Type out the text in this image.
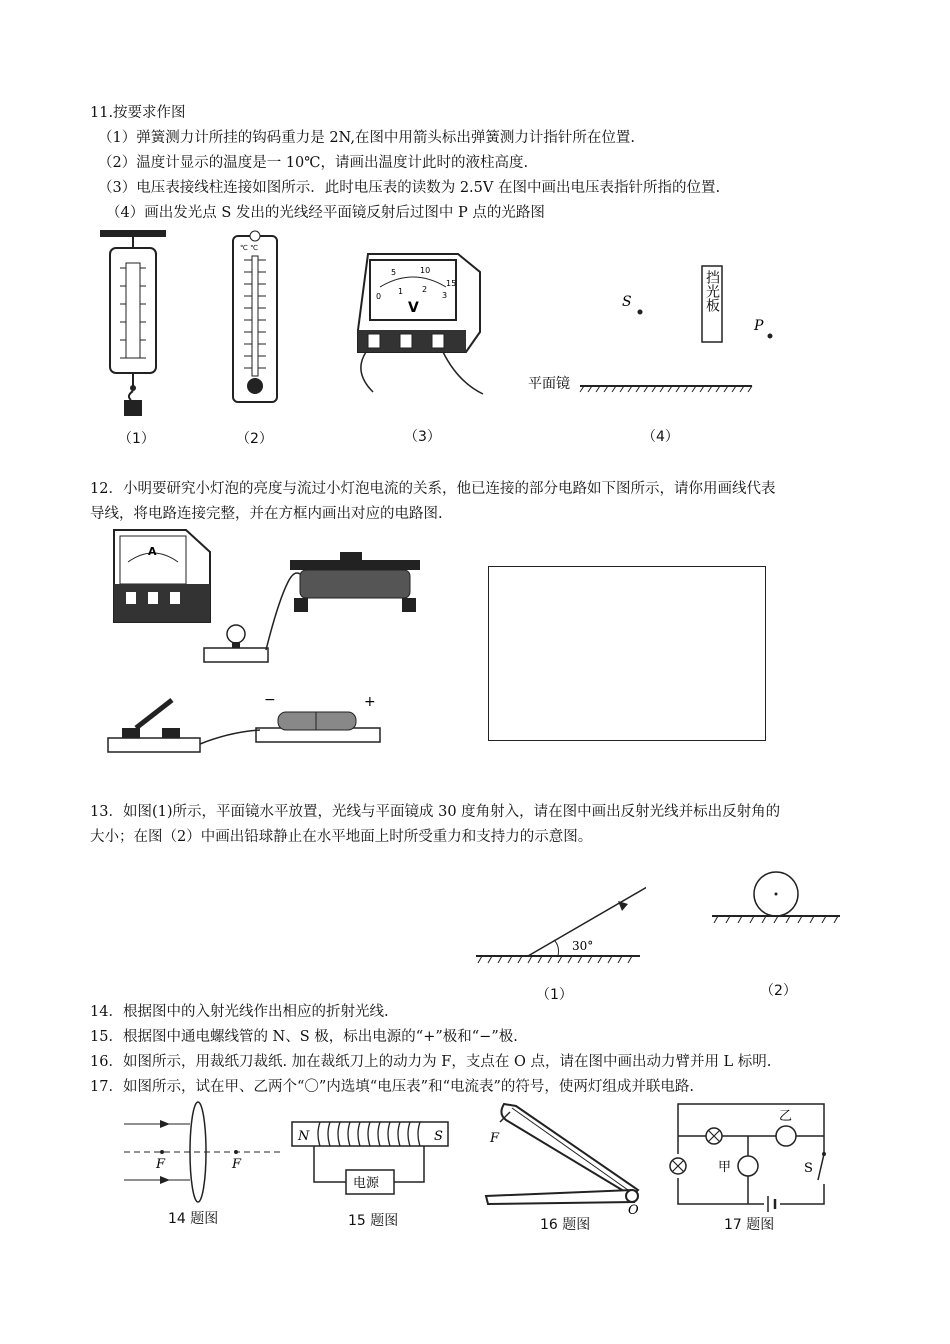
11.按要求作图
（1）弹簧测力计所挂的钩码重力是 2N,在图中用箭头标出弹簧测力计指针所在位置.
（2）温度计显示的温度是一 10℃，请画出温度计此时的液柱高度.
（3）电压表接线柱连接如图所示．此时电压表的读数为 2.5V 在图中画出电压表指针所指的位置.
（4）画出发光点 S 发出的光线经平面镜反射后过图中 P 点的光路图
（1）
℃ ℃
（2）
5	10
15
0
1 2
3
V
（3）
S	挡光板
P
平面镜
（4）
12．小明要研究小灯泡的亮度与流过小灯泡电流的关系，他已连接的部分电路如下图所示，请你用画线代表
导线，将电路连接完整，并在方框内画出对应的电路图.
A
−	+
13．如图(1)所示，平面镜水平放置，光线与平面镜成 30 度角射入，请在图中画出反射光线并标出反射角的
大小；在图（2）中画出铅球静止在水平地面上时所受重力和支持力的示意图。
30°
（1）	（2）
14．根据图中的入射光线作出相应的折射光线.
15．根据图中通电螺线管的 N、S 极，标出电源的“+”极和“−”极.
16．如图所示，用裁纸刀裁纸. 加在裁纸刀上的动力为 F，支点在 O 点，请在图中画出动力臂并用 L 标明.
17．如图所示，试在甲、乙两个“〇”内选填“电压表”和“电流表”的符号，使两灯组成并联电路.
F	F
14 题图
N	S
电源
15 题图
F
O
16 题图
乙
甲	S
17 题图
